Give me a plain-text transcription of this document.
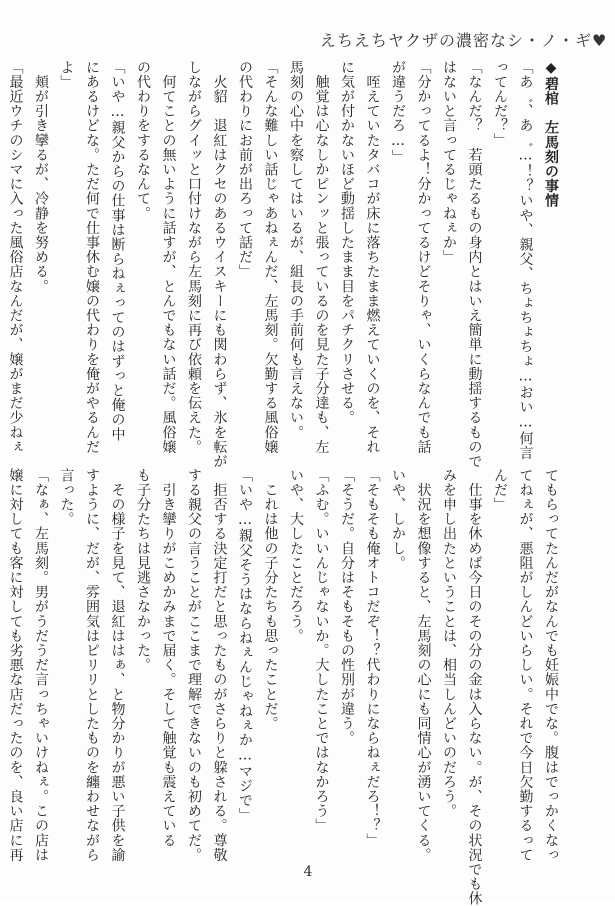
えちえちヤクザの濃密なシ・ノ・ギ♥
◆碧棺　左馬刻の事情
「あ゛、あ゛…！？いや、親父、ちょちょちょ…おい…何言
ってんだ？」
「なんだ？　若頭たるもの身内とはいえ簡単に動揺するもので
はないと言ってるじゃねぇか」
「分かってるよ！分かってるけどそりゃ、いくらなんでも話
が違うだろ…」
　咥えていたタバコが床に落ちたまま燃えていくのを、それ
に気が付かないほど動揺したまま目をパチクリさせる。
　触覚は心なしかピンッと張っているのを見た子分達も、左
馬刻の心中を察してはいるが、組長の手前何も言えない。
「そんな難しい話じゃあねぇんだ、左馬刻。欠勤する風俗嬢
の代わりにお前が出ろって話だ」
　火貂　退紅はクセのあるウイスキーにも関わらず、氷を転が
しながらグイッと口付けながら左馬刻に再び依頼を伝えた。
　何てことの無いように話すが、とんでもない話だ。風俗嬢
の代わりをするなんて。
「いや…親父からの仕事は断らねぇってのはずっと俺の中
にあるけどな。ただ何で仕事休む嬢の代わりを俺がやるんだ
よ」
　頬が引き攣るが、冷静を努める。
「最近ウチのシマに入った風俗店なんだが、嬢がまだ少ねぇ
てもらってたんだがなんでも妊娠中でな。腹はでっかくなっ
てねぇが、悪阻がしんどいらしい。それで今日欠勤するって
んだ」
　仕事を休めば今日のその分の金は入らない。が、その状況でも休
みを申し出たということは、相当しんどいのだろう。
　状況を想像すると、左馬刻の心にも同情心が湧いてくる。
いや、しかし。
「そもそも俺オトコだぞ！？代わりにならねぇだろ！？」
「そうだ。自分はそもそもの性別が違う。
「ふむ。いいんじゃないか。大したことではなかろう」
いや、大したことだろう。
　これは他の子分たちも思ったことだ。
「いや…親父そうはならねぇんじゃねぇか…マジで」
　拒否する決定打だと思ったものがさらりと躱される。尊敬
する親父の言うことがここまで理解できないのも初めてだ。
　引き攣りがこめかみまで届く。そして触覚も震えている
も子分たちは見逃さなかった。
　その様子を見て、退紅ははぁ、と物分かりが悪い子供を諭
すように、だが、雰囲気はピリリとしたものを纏わせながら
言った。
「なぁ、左馬刻。男がうだうだ言っちゃいけねぇ。この店は
嬢に対しても客に対しても劣悪な店だったのを、良い店に再
4
